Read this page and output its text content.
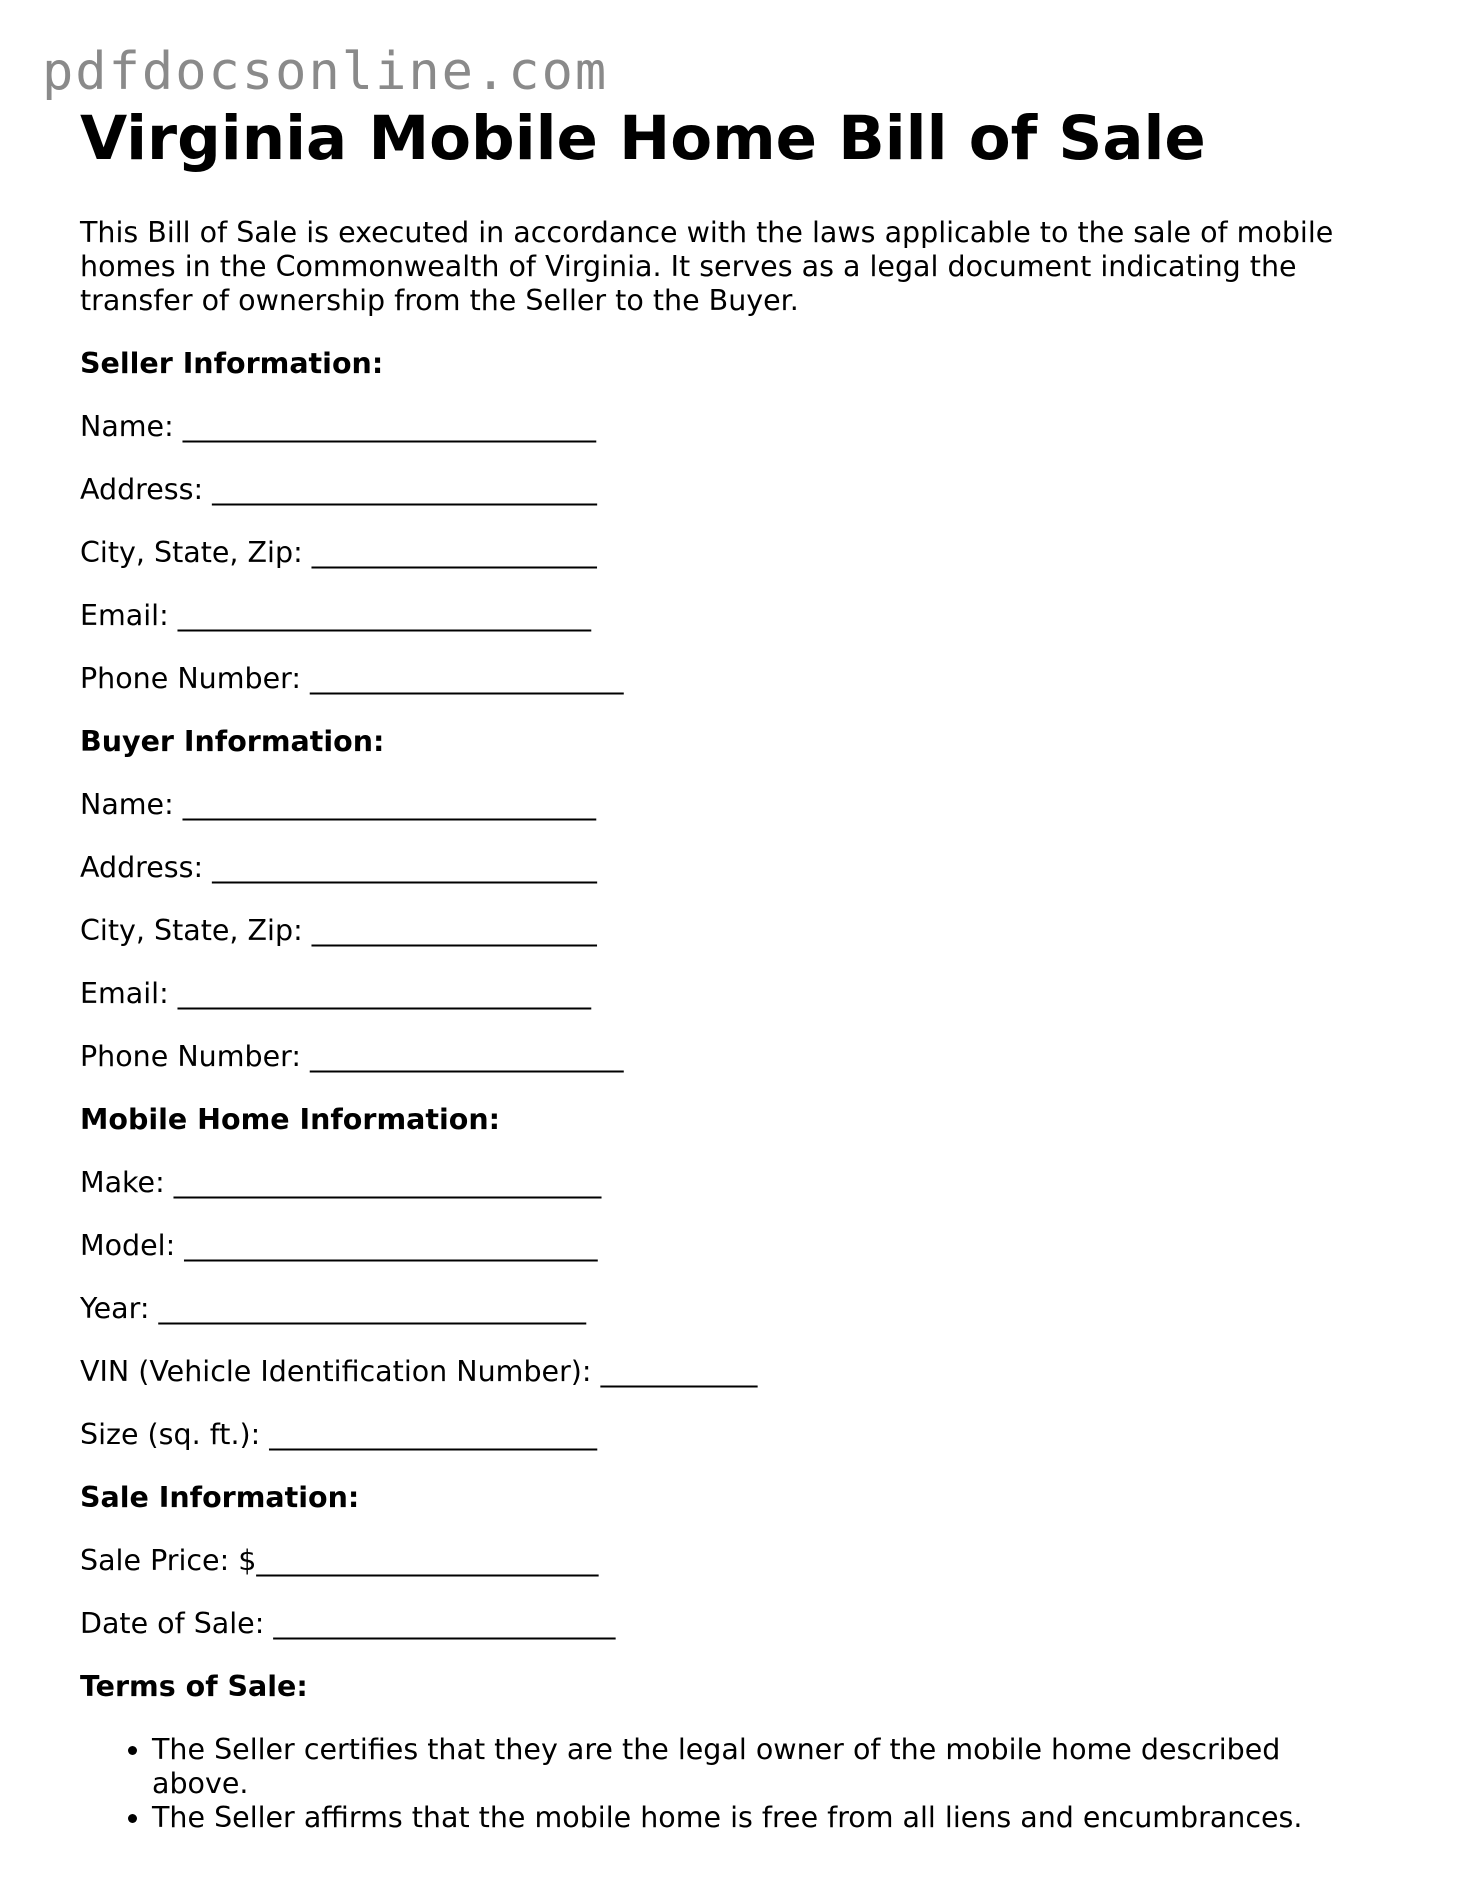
pdfdocsonline.com
Virginia Mobile Home Bill of Sale

This Bill of Sale is executed in accordance with the laws applicable to the sale of mobile homes in the Commonwealth of Virginia. It serves as a legal document indicating the transfer of ownership from the Seller to the Buyer.

Seller Information:

Name: _____________________________

Address: ___________________________

City, State, Zip: ____________________

Email: _____________________________

Phone Number: ______________________

Buyer Information:

Name: _____________________________

Address: ___________________________

City, State, Zip: ____________________

Email: _____________________________

Phone Number: ______________________

Mobile Home Information:

Make: ______________________________

Model: _____________________________

Year: ______________________________

VIN (Vehicle Identification Number): ___________

Size (sq. ft.): _______________________

Sale Information:

Sale Price: $________________________

Date of Sale: ________________________

Terms of Sale:

• The Seller certifies that they are the legal owner of the mobile home described above.
• The Seller affirms that the mobile home is free from all liens and encumbrances.
